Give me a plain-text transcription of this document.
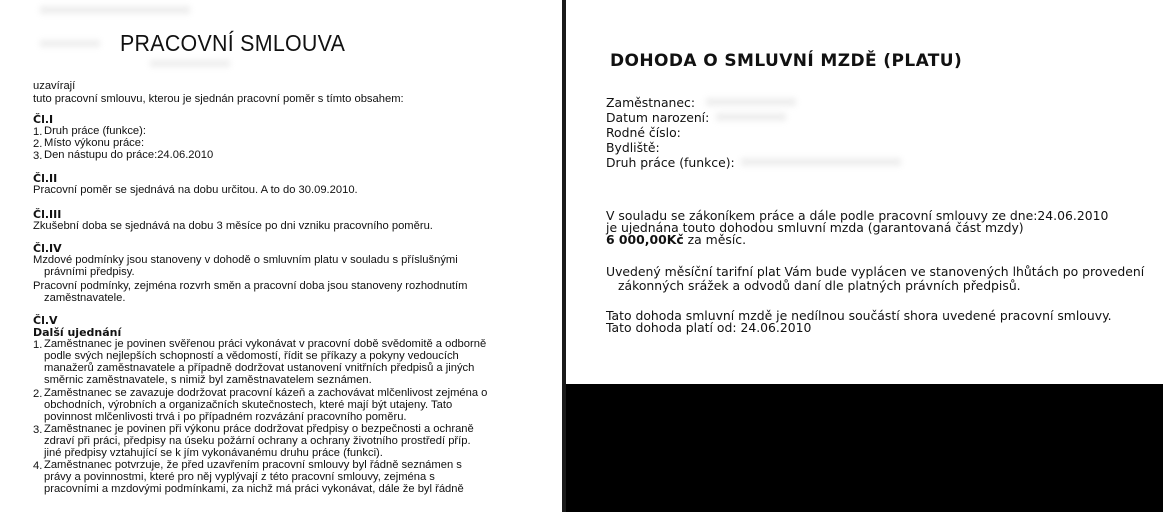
PRACOVNÍ SMLOUVA
uzavírají
tuto pracovní smlouvu, kterou je sjednán pracovní poměr s tímto obsahem:
Čl.I
1. Druh práce (funkce):
2. Místo výkonu práce:
3. Den nástupu do práce:24.06.2010
Čl.II
Pracovní poměr se sjednává na dobu určitou. A to do 30.09.2010.
Čl.III
Zkušební doba se sjednává na dobu 3 měsíce po dni vzniku pracovního poměru.
Čl.IV
Mzdové podmínky jsou stanoveny v dohodě o smluvním platu v souladu s příslušnými
právními předpisy.
Pracovní podmínky, zejména rozvrh směn a pracovní doba jsou stanoveny rozhodnutím
zaměstnavatele.
Čl.V
Další ujednání
1. Zaměstnanec je povinen svěřenou práci vykonávat v pracovní době svědomitě a odborně
podle svých nejlepších schopností a vědomostí, řídit se příkazy a pokyny vedoucích
manažerů zaměstnavatele a případně dodržovat ustanovení vnitřních předpisů a jiných
směrnic zaměstnavatele, s nimiž byl zaměstnavatelem seznámen.
2. Zaměstnanec se zavazuje dodržovat pracovní kázeň a zachovávat mlčenlivost zejména o
obchodních, výrobních a organizačních skutečnostech, které mají být utajeny. Tato
povinnost mlčenlivosti trvá i po případném rozvázání pracovního poměru.
3. Zaměstnanec je povinen při výkonu práce dodržovat předpisy o bezpečnosti a ochraně
zdraví při práci, předpisy na úseku požární ochrany a ochrany životního prostředí příp.
jiné předpisy vztahující se k jím vykonávanému druhu práce (funkci).
4. Zaměstnanec potvrzuje, že před uzavřením pracovní smlouvy byl řádně seznámen s
právy a povinnostmi, které pro něj vyplývají z této pracovní smlouvy, zejména s
pracovními a mzdovými podmínkami, za nichž má práci vykonávat, dále že byl řádně
DOHODA O SMLUVNÍ MZDĚ (PLATU)
Zaměstnanec:
Datum narození:
Rodné číslo:
Bydliště:
Druh práce (funkce):
V souladu se zákoníkem práce a dále podle pracovní smlouvy ze dne:24.06.2010
je ujednána touto dohodou smluvní mzda (garantovaná část mzdy)
6 000,00Kč za měsíc.
Uvedený měsíční tarifní plat Vám bude vyplácen ve stanovených lhůtách po provedení
zákonných srážek a odvodů daní dle platných právních předpisů.
Tato dohoda smluvní mzdě je nedílnou součástí shora uvedené pracovní smlouvy.
Tato dohoda platí od: 24.06.2010
